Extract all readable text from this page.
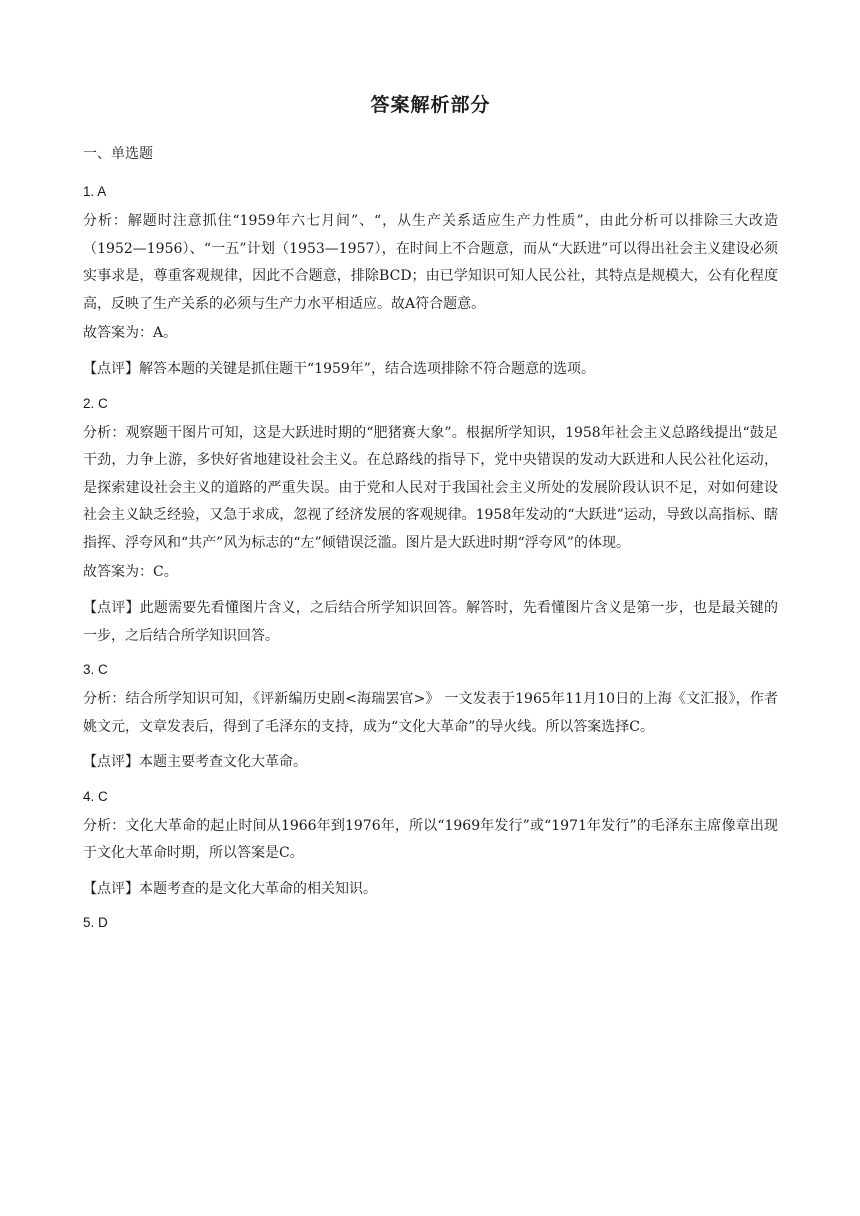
答案解析部分
一、单选题
1. A
分析：解题时注意抓住“1959年六七月间”、“，从生产关系适应生产力性质”，由此分析可以排除三大改造（1952—1956）、“一五”计划（1953—1957），在时间上不合题意，而从“大跃进”可以得出社会主义建设必须实事求是，尊重客观规律，因此不合题意，排除BCD；由已学知识可知人民公社，其特点是规模大，公有化程度高，反映了生产关系的必须与生产力水平相适应。故A符合题意。
故答案为：A。
【点评】解答本题的关键是抓住题干“1959年”，结合选项排除不符合题意的选项。
2. C
分析：观察题干图片可知，这是大跃进时期的“肥猪赛大象”。根据所学知识，1958年社会主义总路线提出“鼓足干劲，力争上游，多快好省地建设社会主义。在总路线的指导下，党中央错误的发动大跃进和人民公社化运动，是探索建设社会主义的道路的严重失误。由于党和人民对于我国社会主义所处的发展阶段认识不足，对如何建设社会主义缺乏经验，又急于求成，忽视了经济发展的客观规律。1958年发动的“大跃进”运动，导致以高指标、瞎指挥、浮夸风和“共产”风为标志的“左”倾错误泛滥。图片是大跃进时期“浮夸风”的体现。
故答案为：C。
【点评】此题需要先看懂图片含义，之后结合所学知识回答。解答时，先看懂图片含义是第一步，也是最关键的一步，之后结合所学知识回答。
3. C
分析：结合所学知识可知，《评新编历史剧<海瑞罢官>》 一文发表于1965年11月10日的上海《文汇报》，作者姚文元，文章发表后，得到了毛泽东的支持，成为“文化大革命”的导火线。所以答案选择C。
【点评】本题主要考查文化大革命。
4. C
分析：文化大革命的起止时间从1966年到1976年，所以“1969年发行”或“1971年发行”的毛泽东主席像章出现于文化大革命时期，所以答案是C。
【点评】本题考查的是文化大革命的相关知识。
5. D
